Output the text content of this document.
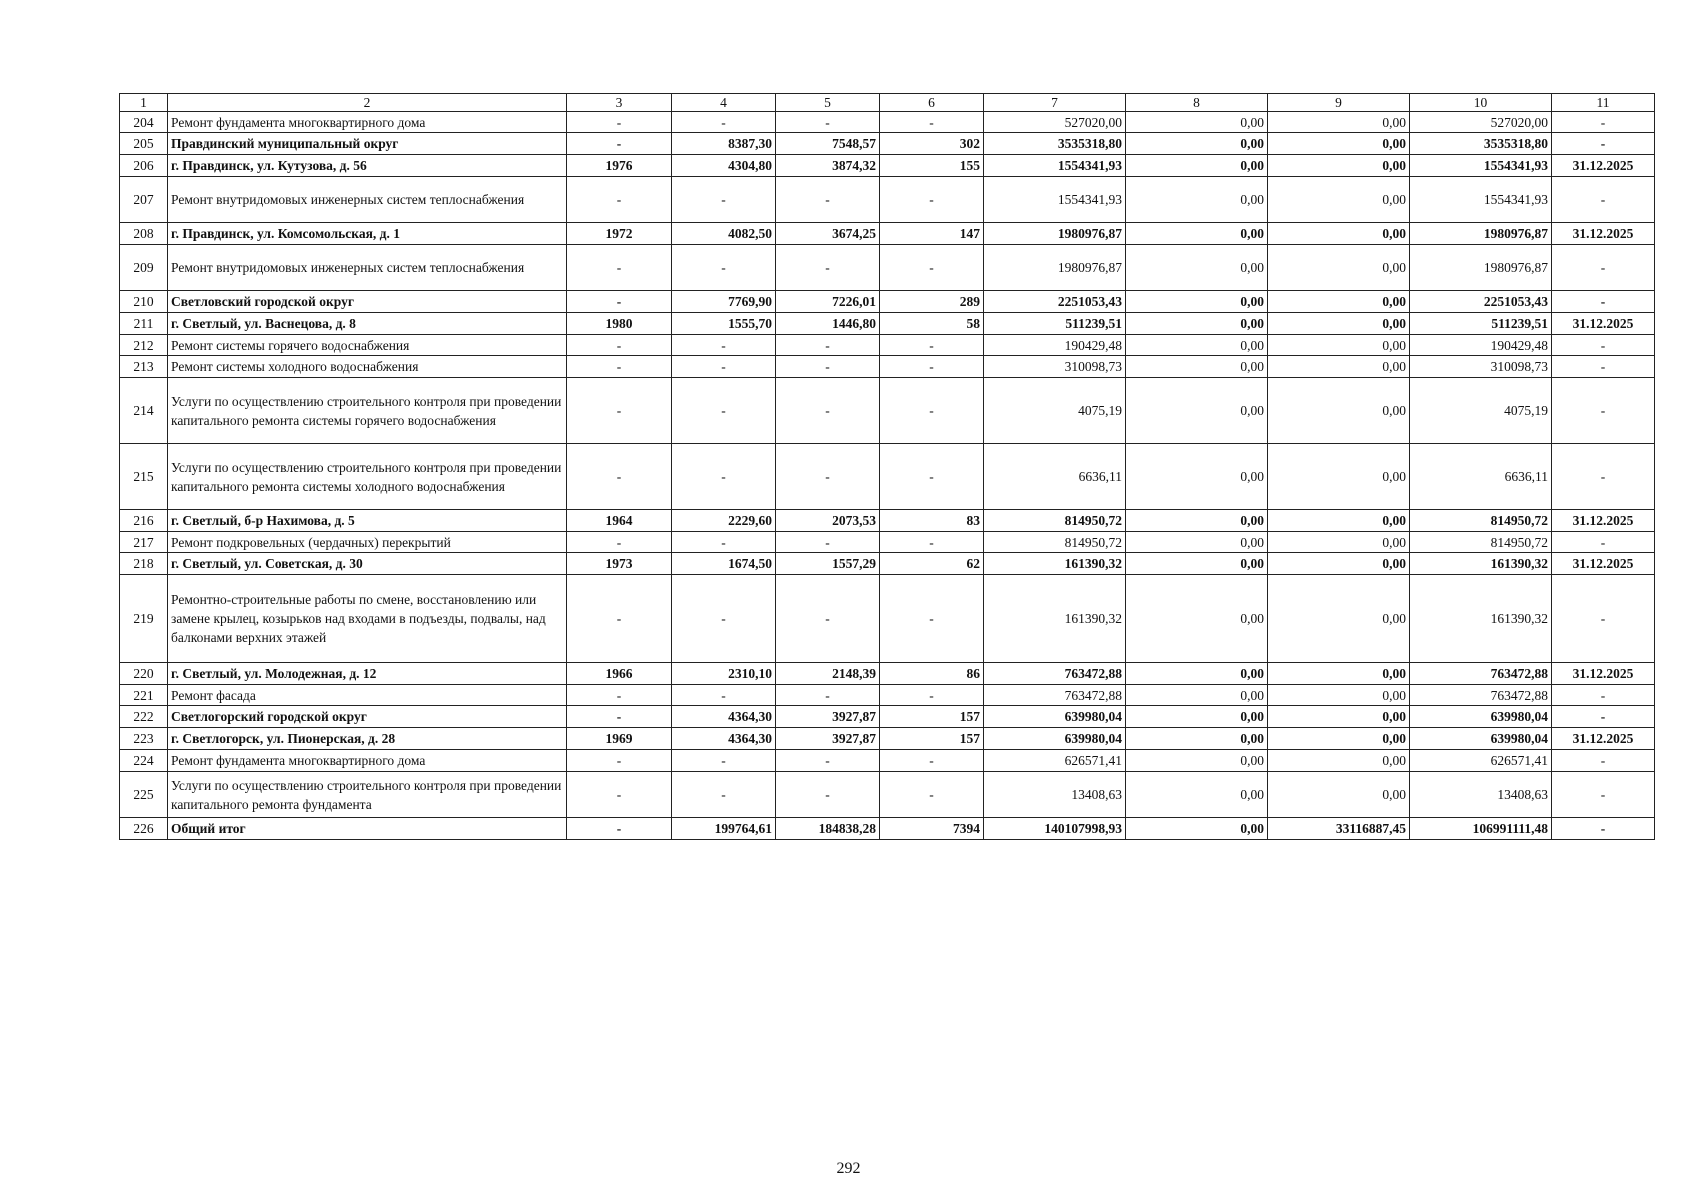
1	2	3	4	5	6	7	8	9	10	11
204	Ремонт фундамента многоквартирного дома	-	-	-	-	527020,00	0,00	0,00	527020,00	-
205	Правдинский муниципальный округ	-	8387,30	7548,57	302	3535318,80	0,00	0,00	3535318,80	-
206	г. Правдинск, ул. Кутузова, д. 56	1976	4304,80	3874,32	155	1554341,93	0,00	0,00	1554341,93	31.12.2025
207	Ремонт внутридомовых инженерных систем теплоснабжения	-	-	-	-	1554341,93	0,00	0,00	1554341,93	-
208	г. Правдинск, ул. Комсомольская, д. 1	1972	4082,50	3674,25	147	1980976,87	0,00	0,00	1980976,87	31.12.2025
209	Ремонт внутридомовых инженерных систем теплоснабжения	-	-	-	-	1980976,87	0,00	0,00	1980976,87	-
210	Светловский городской округ	-	7769,90	7226,01	289	2251053,43	0,00	0,00	2251053,43	-
211	г. Светлый, ул. Васнецова, д. 8	1980	1555,70	1446,80	58	511239,51	0,00	0,00	511239,51	31.12.2025
212	Ремонт системы горячего водоснабжения	-	-	-	-	190429,48	0,00	0,00	190429,48	-
213	Ремонт системы холодного водоснабжения	-	-	-	-	310098,73	0,00	0,00	310098,73	-
214	Услуги по осуществлению строительного контроля при проведении капитального ремонта системы горячего водоснабжения	-	-	-	-	4075,19	0,00	0,00	4075,19	-
215	Услуги по осуществлению строительного контроля при проведении капитального ремонта системы холодного водоснабжения	-	-	-	-	6636,11	0,00	0,00	6636,11	-
216	г. Светлый, б-р Нахимова, д. 5	1964	2229,60	2073,53	83	814950,72	0,00	0,00	814950,72	31.12.2025
217	Ремонт подкровельных (чердачных) перекрытий	-	-	-	-	814950,72	0,00	0,00	814950,72	-
218	г. Светлый, ул. Советская, д. 30	1973	1674,50	1557,29	62	161390,32	0,00	0,00	161390,32	31.12.2025
219	Ремонтно-строительные работы по смене, восстановлению или замене крылец, козырьков над входами в подъезды, подвалы, над балконами верхних этажей	-	-	-	-	161390,32	0,00	0,00	161390,32	-
220	г. Светлый, ул. Молодежная, д. 12	1966	2310,10	2148,39	86	763472,88	0,00	0,00	763472,88	31.12.2025
221	Ремонт фасада	-	-	-	-	763472,88	0,00	0,00	763472,88	-
222	Светлогорский городской округ	-	4364,30	3927,87	157	639980,04	0,00	0,00	639980,04	-
223	г. Светлогорск, ул. Пионерская, д. 28	1969	4364,30	3927,87	157	639980,04	0,00	0,00	639980,04	31.12.2025
224	Ремонт фундамента многоквартирного дома	-	-	-	-	626571,41	0,00	0,00	626571,41	-
225	Услуги по осуществлению строительного контроля при проведении капитального ремонта фундамента	-	-	-	-	13408,63	0,00	0,00	13408,63	-
226	Общий итог	-	199764,61	184838,28	7394	140107998,93	0,00	33116887,45	106991111,48	-
292
